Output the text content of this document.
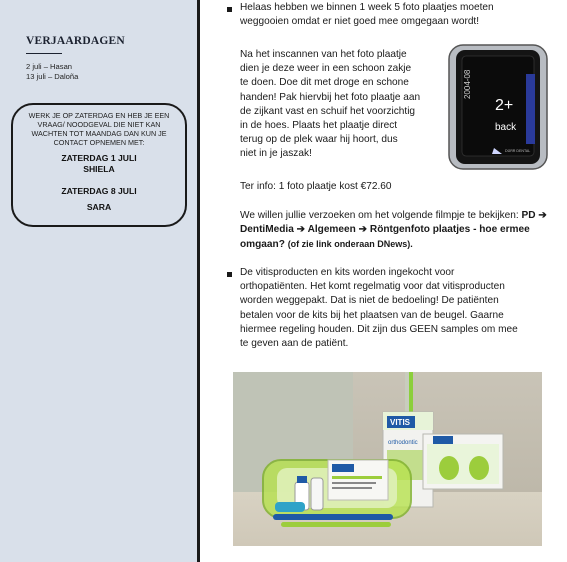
VERJAARDAGEN
2 juli – Hasan
13 juli – Daloña
WERK JE OP ZATERDAG EN HEB JE EEN VRAAG/ NOODGEVAL DIE NIET KAN WACHTEN TOT MAANDAG DAN KUN JE CONTACT OPNEMEN MET:
ZATERDAG 1 JULI
SHIELA
ZATERDAG 8 JULI
SARA
Helaas hebben we binnen 1 week 5 foto plaatjes moeten
weggooien omdat er niet goed mee omgegaan wordt!
Na het inscannen van het foto plaatje
dien je deze weer in een schoon zakje
te doen. Doe dit met droge en schone
handen! Pak hiervbij het foto plaatje aan
de zijkant vast en schuif het voorzichtig
in de hoes. Plaats het plaatje direct
terug op de plek waar hij hoort, dus
niet in je jaszak!
2+
back
2004-08
DÜRR DENTAL
Ter info: 1 foto plaatje kost €72.60
We willen jullie verzoeken om het volgende filmpje te bekijken: PD ➔ DentiMedia ➔ Algemeen ➔ Röntgenfoto plaatjes - hoe ermee omgaan? (of zie link onderaan DNews).
De vitisproducten en kits worden ingekocht voor
orthopatiënten. Het komt regelmatig voor dat vitisproducten
worden weggepakt. Dat is niet de bedoeling! De patiënten
betalen voor de kits bij het plaatsen van de beugel. Gaarne
hiermee regeling houden. Dit zijn dus GEEN samples om mee
te geven aan de patiënt.
VITIS
orthodontic
